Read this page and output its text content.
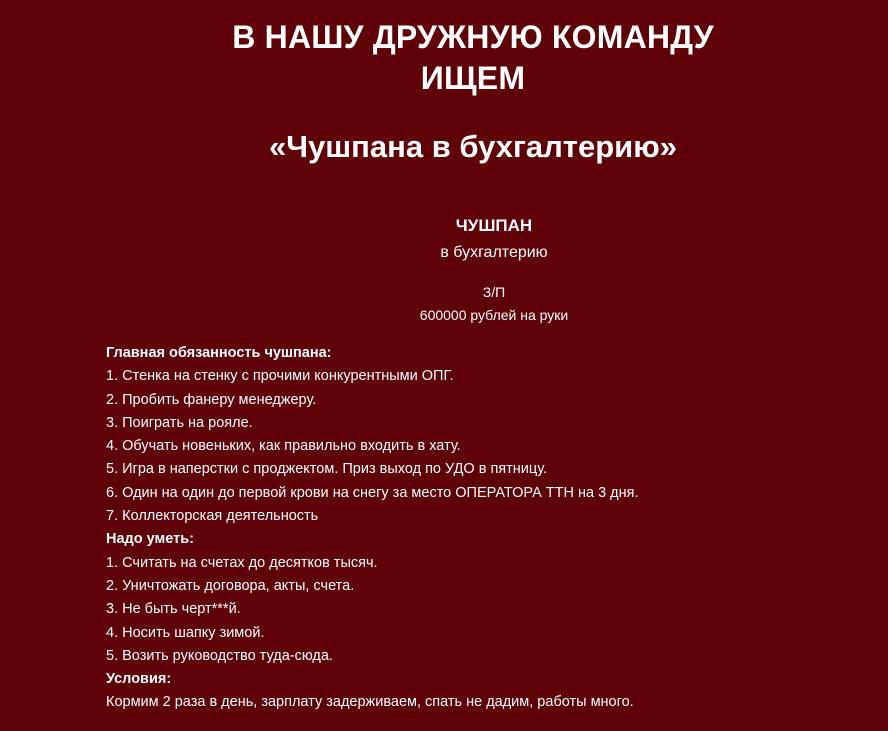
В НАШУ ДРУЖНУЮ КОМАНДУ
ИЩЕМ
«Чушпана в бухгалтерию»
ЧУШПАН
в бухгалтерию
З/П
600000 рублей на руки
Главная обязанность чушпана:
1. Стенка на стенку с прочими конкурентными ОПГ.
2. Пробить фанеру менеджеру.
3. Поиграть на рояле.
4. Обучать новеньких, как правильно входить в хату.
5. Игра в наперстки с проджектом. Приз выход по УДО в пятницу.
6. Один на один до первой крови на снегу за место ОПЕРАТОРА ТТН на 3 дня.
7. Коллекторская деятельность
Надо уметь:
1. Считать на счетах до десятков тысяч.
2. Уничтожать договора, акты, счета.
3. Не быть черт***й.
4. Носить шапку зимой.
5. Возить руководство туда-сюда.
Условия:
Кормим 2 раза в день, зарплату задерживаем, спать не дадим, работы много.
